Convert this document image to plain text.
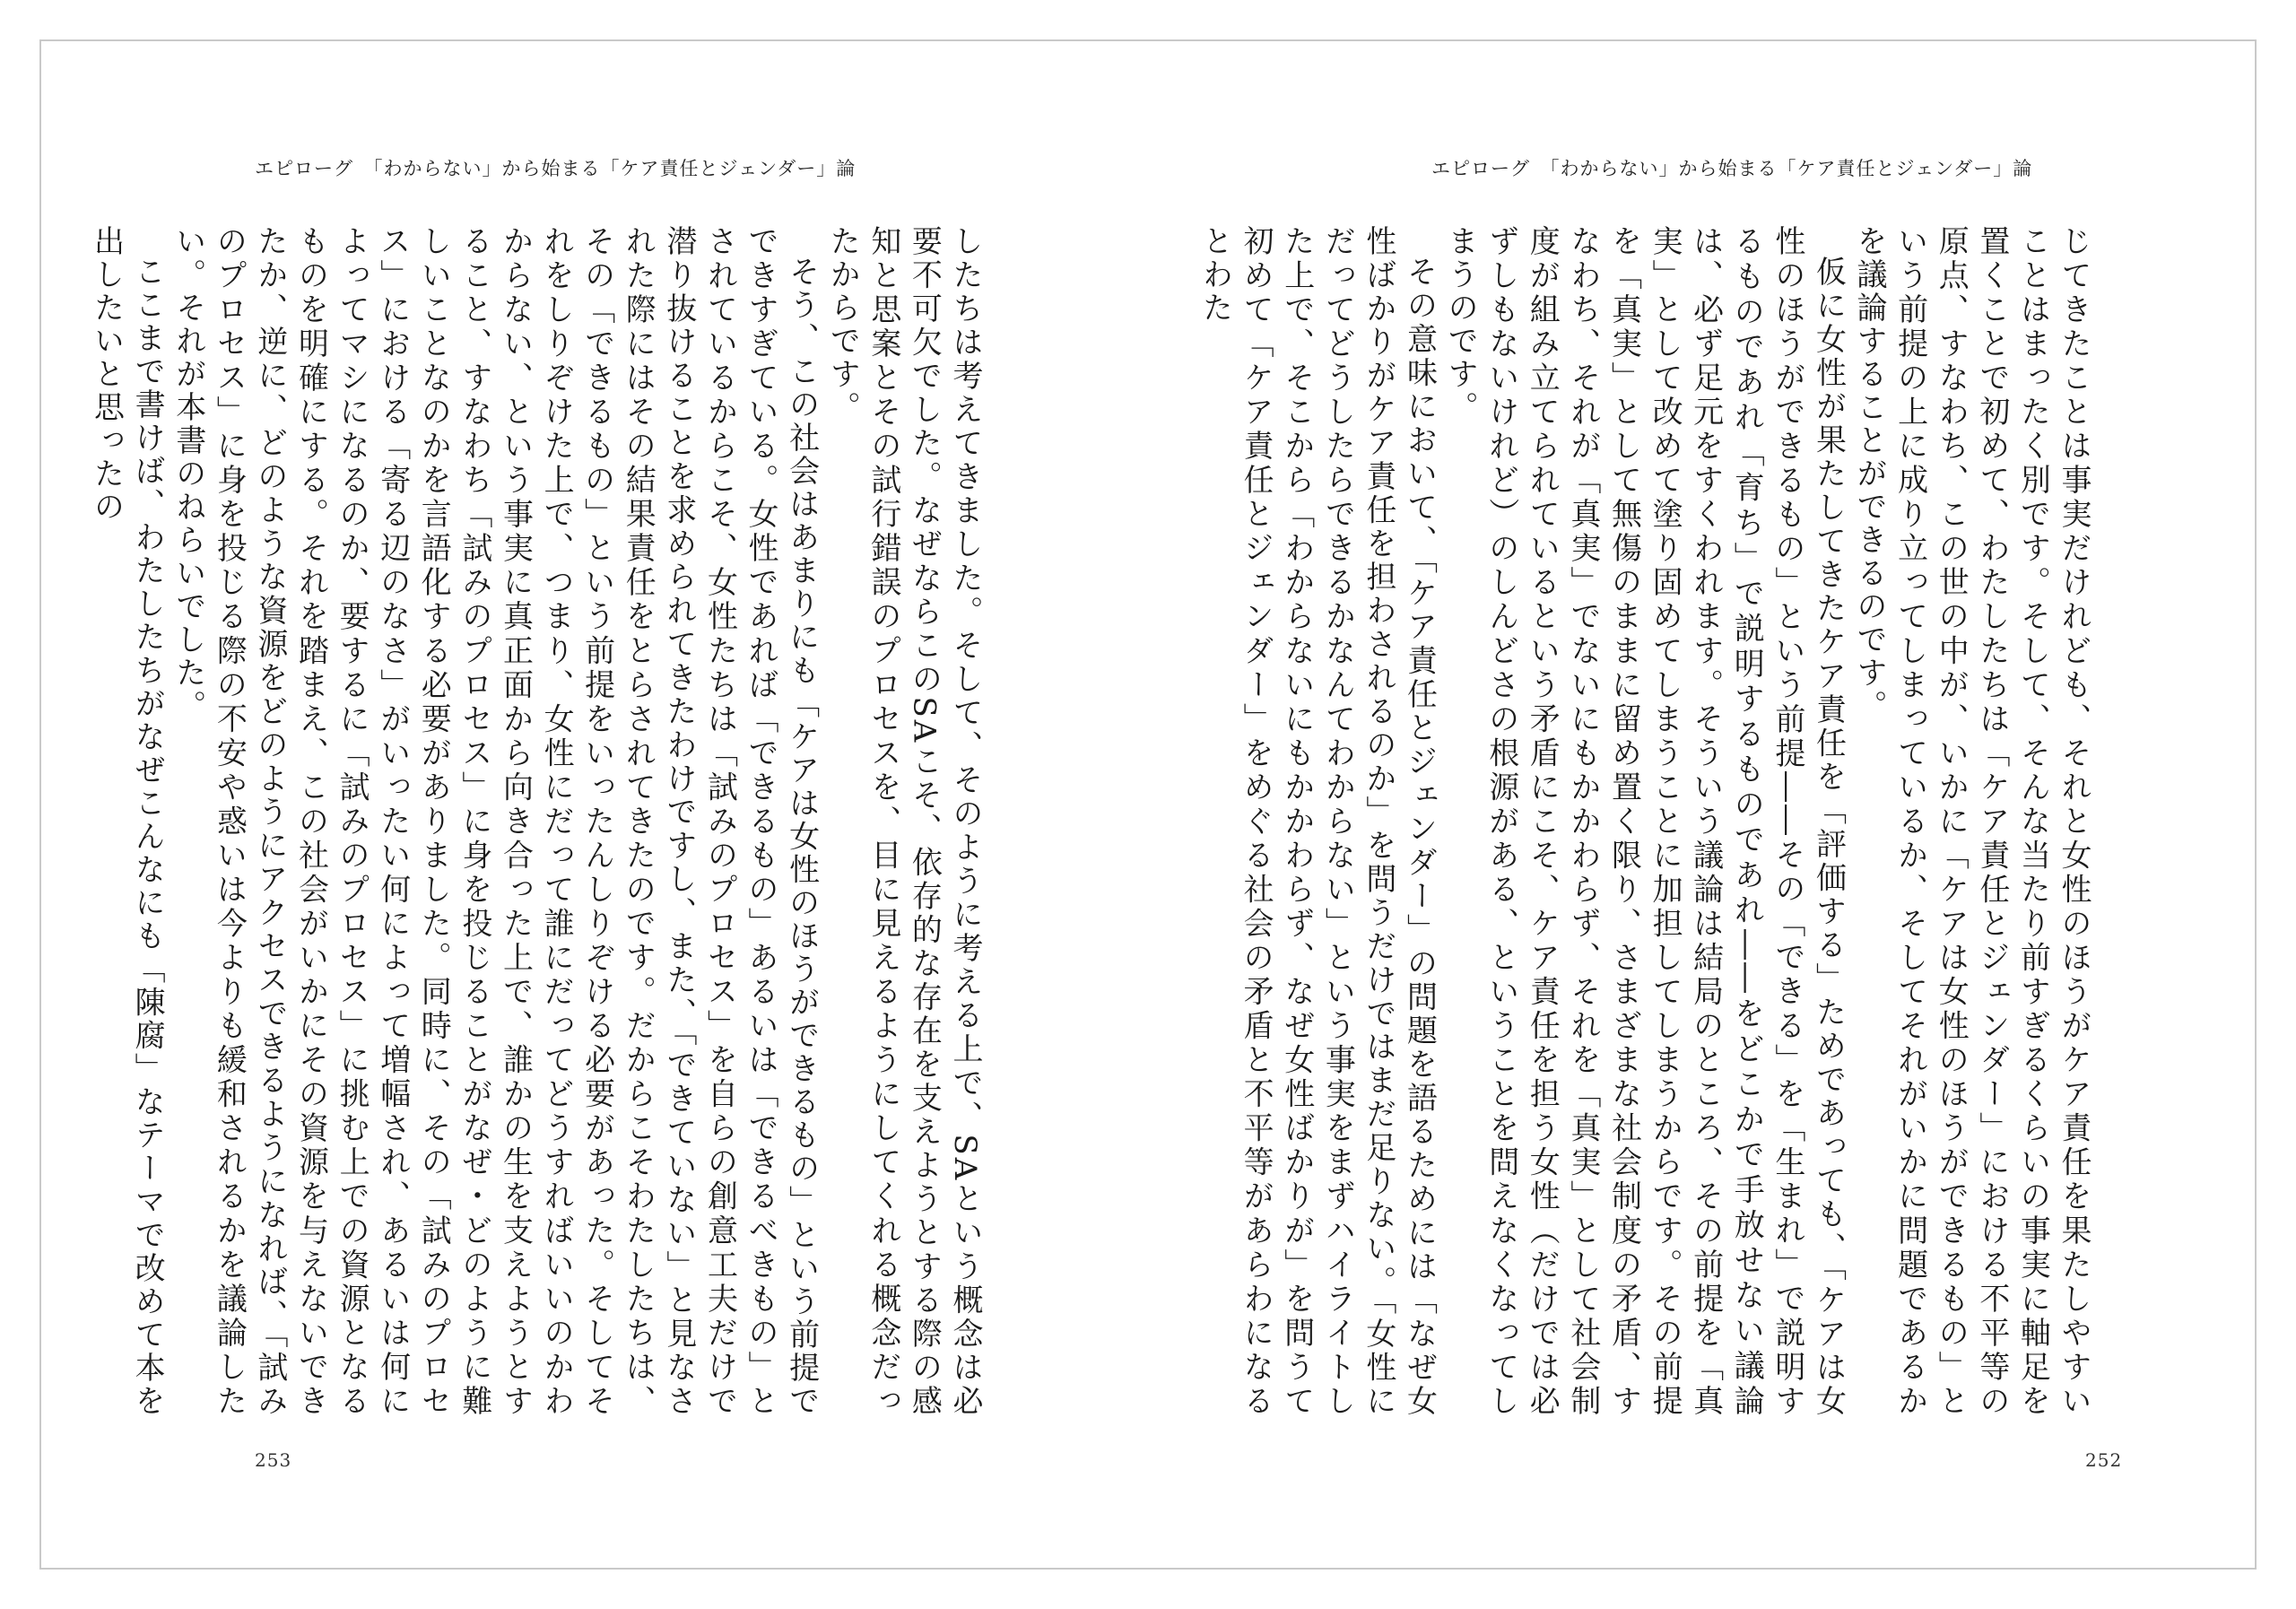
エピローグ　「わからない」から始まる「ケア責任とジェンダー」論

したちは考えてきました。そして、そのように考える上で、SAという概念は必要不可欠でした。なぜならこのSAこそ、依存的な存在を支えようとする際の感知と思案とその試行錯誤のプロセスを、目に見えるようにしてくれる概念だったからです。

そう、この社会はあまりにも「ケアは女性のほうができるもの」という前提でできすぎている。女性であれば「できるもの」あるいは「できるべきもの」とされているからこそ、女性たちは「試みのプロセス」を自らの創意工夫だけで潜り抜けることを求められてきたわけですし、また、「できていない」と見なされた際にはその結果責任をとらされてきたのです。だからこそわたしたちは、その「できるもの」という前提をいったんしりぞける必要があった。そしてそれをしりぞけた上で、つまり、女性にだって誰にだってどうすればいいのかわからない、という事実に真正面から向き合った上で、誰かの生を支えようとすること、すなわち「試みのプロセス」に身を投じることがなぜ・どのように難しいことなのかを言語化する必要がありました。同時に、その「試みのプロセス」における「寄る辺のなさ」がいったい何によって増幅され、あるいは何によってマシになるのか、要するに「試みのプロセス」に挑む上での資源となるものを明確にする。それを踏まえ、この社会がいかにその資源を与えないできたか、逆に、どのような資源をどのようにアクセスできるようになれば、「試みのプロセス」に身を投じる際の不安や惑いは今よりも緩和されるかを議論したい。それが本書のねらいでした。

ここまで書けば、わたしたちがなぜこんなにも「陳腐」なテーマで改めて本を出したいと思ったの

253
エピローグ　「わからない」から始まる「ケア責任とジェンダー」論

じてきたことは事実だけれども、それと女性のほうがケア責任を果たしやすいことはまったく別です。そして、そんな当たり前すぎるくらいの事実に軸足を置くことで初めて、わたしたちは「ケア責任とジェンダー」における不平等の原点、すなわち、この世の中が、いかに「ケアは女性のほうができるもの」という前提の上に成り立ってしまっているか、そしてそれがいかに問題であるかを議論することができるのです。

仮に女性が果たしてきたケア責任を「評価する」ためであっても、「ケアは女性のほうができるもの」という前提――その「できる」を「生まれ」で説明するものであれ「育ち」で説明するものであれ――をどこかで手放せない議論は、必ず足元をすくわれます。そういう議論は結局のところ、その前提を「真実」として改めて塗り固めてしまうことに加担してしまうからです。その前提を「真実」として無傷のままに留め置く限り、さまざまな社会制度の矛盾、すなわち、それが「真実」でないにもかかわらず、それを「真実」として社会制度が組み立てられているという矛盾にこそ、ケア責任を担う女性（だけでは必ずしもないけれど）のしんどさの根源がある、ということを問えなくなってしまうのです。

その意味において、「ケア責任とジェンダー」の問題を語るためには「なぜ女性ばかりがケア責任を担わされるのか」を問うだけではまだ足りない。「女性にだってどうしたらできるかなんてわからない」という事実をまずハイライトした上で、そこから「わからないにもかかわらず、なぜ女性ばかりが」を問うて初めて「ケア責任とジェンダー」をめぐる社会の矛盾と不平等があらわになるとわた

252
